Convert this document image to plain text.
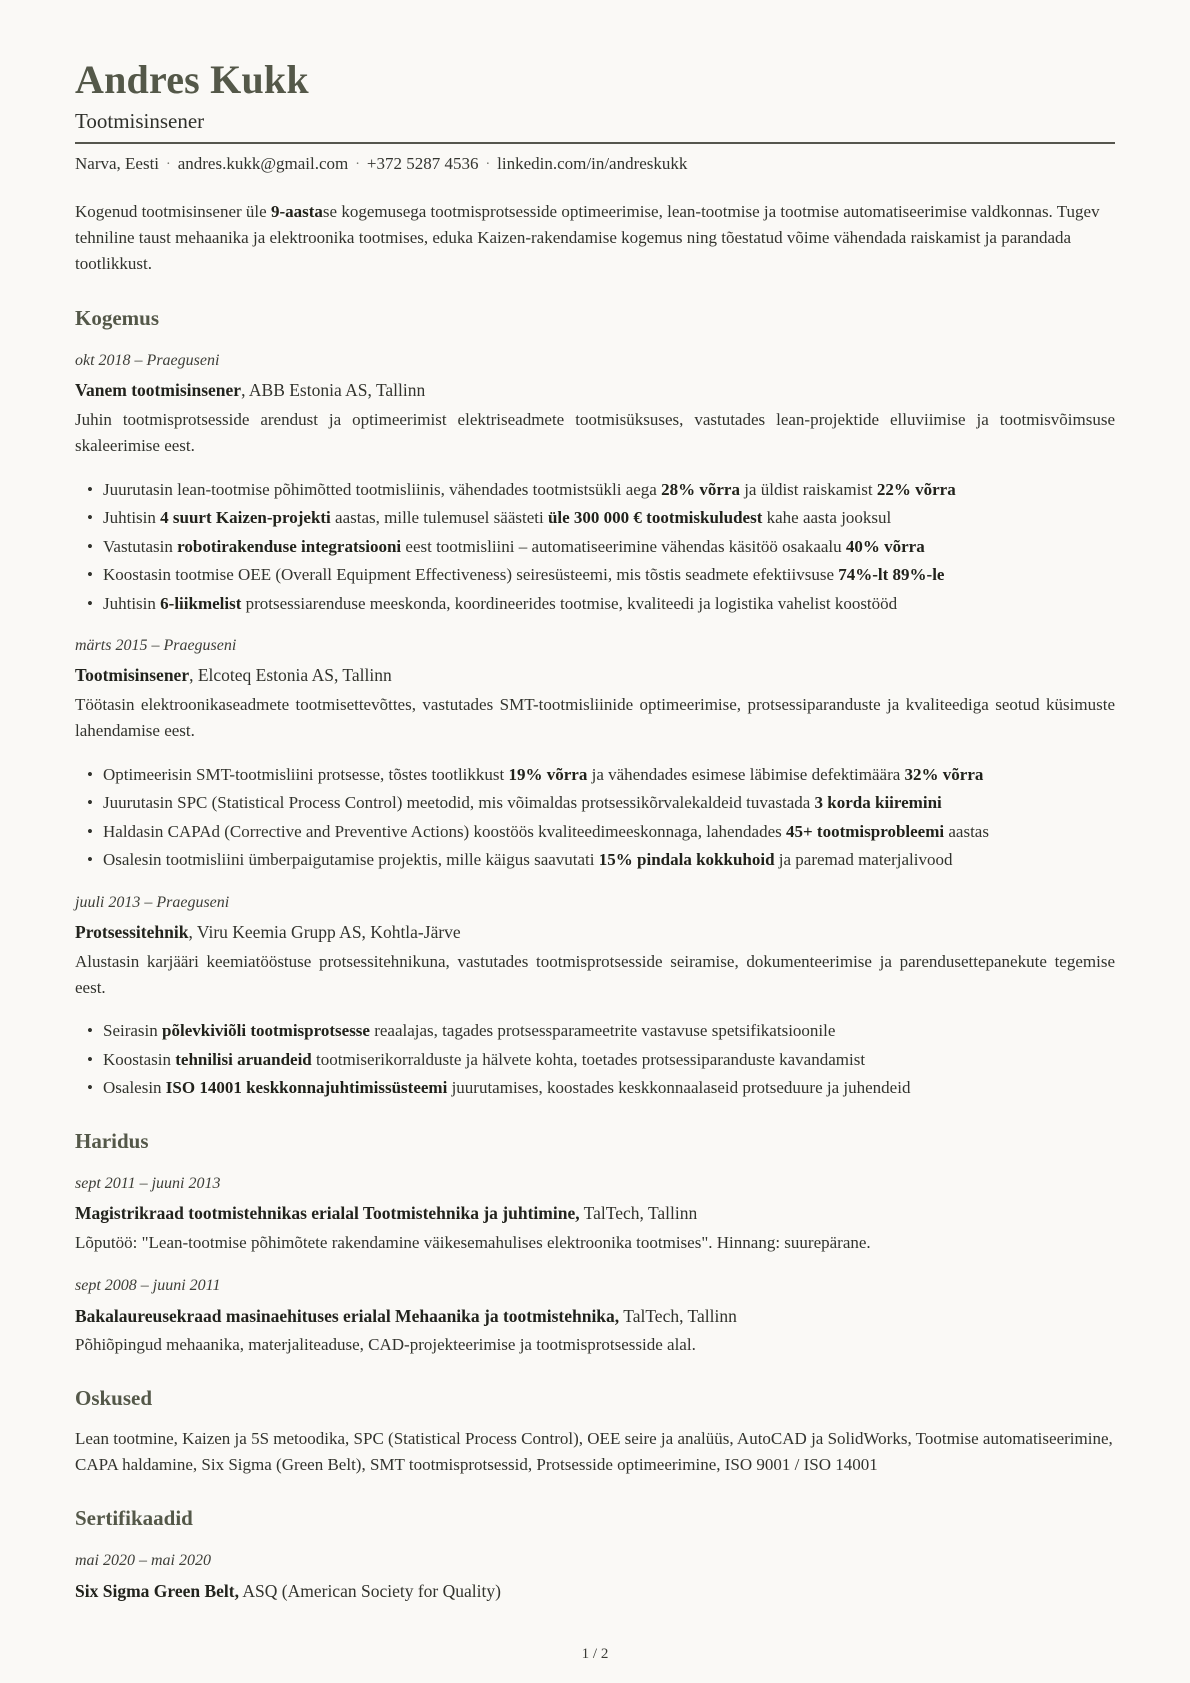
Andres Kukk
Tootmisinsener
Narva, Eesti · andres.kukk@gmail.com · +372 5287 4536 · linkedin.com/in/andreskukk

Kogenud tootmisinsener üle 9-aastase kogemusega tootmisprotsesside optimeerimise, lean-tootmise ja tootmise automatiseerimise valdkonnas. Tugev tehniline taust mehaanika ja elektroonika tootmises, eduka Kaizen-rakendamise kogemus ning tõestatud võime vähendada raiskamist ja parandada tootlikkust.

Kogemus
okt 2018 – Praeguseni
Vanem tootmisinsener, ABB Estonia AS, Tallinn

Juhin tootmisprotsesside arendust ja optimeerimist elektriseadmete tootmisüksuses, vastutades lean-projektide elluviimise ja tootmisvõimsuse skaleerimise eest.

• Juurutasin lean-tootmise põhimõtted tootmisliinis, vähendades tootmistsükli aega 28% võrra ja üldist raiskamist 22% võrra
• Juhtisin 4 suurt Kaizen-projekti aastas, mille tulemusel säästeti üle 300 000 € tootmiskuludest kahe aasta jooksul
• Vastutasin robotirakenduse integratsiooni eest tootmisliini – automatiseerimine vähendas käsitöö osakaalu 40% võrra
• Koostasin tootmise OEE (Overall Equipment Effectiveness) seiresüsteemi, mis tõstis seadmete efektiivsuse 74%-lt 89%-le
• Juhtisin 6-liikmelist protsessiarenduse meeskonda, koordineerides tootmise, kvaliteedi ja logistika vahelist koostööd
märts 2015 – Praeguseni
Tootmisinsener, Elcoteq Estonia AS, Tallinn

Töötasin elektroonikaseadmete tootmisettevõttes, vastutades SMT-tootmisliinide optimeerimise, protsessiparanduste ja kvaliteediga seotud küsimuste lahendamise eest.

• Optimeerisin SMT-tootmisliini protsesse, tõstes tootlikkust 19% võrra ja vähendades esimese läbimise defektimäära 32% võrra
• Juurutasin SPC (Statistical Process Control) meetodid, mis võimaldas protsessikõrvalekaldeid tuvastada 3 korda kiiremini
• Haldasin CAPAd (Corrective and Preventive Actions) koostöös kvaliteedimeeskonnaga, lahendades 45+ tootmisprobleemi aastas
• Osalesin tootmisliini ümberpaigutamise projektis, mille käigus saavutati 15% pindala kokkuhoid ja paremad materjalivood
juuli 2013 – Praeguseni
Protsessitehnik, Viru Keemia Grupp AS, Kohtla-Järve

Alustasin karjääri keemiatööstuse protsessitehnikuna, vastutades tootmisprotsesside seiramise, dokumenteerimise ja parendusettepanekute tegemise eest.

• Seirasin põlevkiviõli tootmisprotsesse reaalajas, tagades protsessparameetrite vastavuse spetsifikatsioonile
• Koostasin tehnilisi aruandeid tootmiserikorralduste ja hälvete kohta, toetades protsessiparanduste kavandamist
• Osalesin ISO 14001 keskkonnajuhtimissüsteemi juurutamises, koostades keskkonnaalaseid protseduure ja juhendeid
Haridus
sept 2011 – juuni 2013
Magistrikraad tootmistehnikas erialal Tootmistehnika ja juhtimine, TalTech, Tallinn

Lõputöö: "Lean-tootmise põhimõtete rakendamine väikesemahulises elektroonika tootmises". Hinnang: suurepärane.

sept 2008 – juuni 2011
Bakalaureusekraad masinaehituses erialal Mehaanika ja tootmistehnika, TalTech, Tallinn

Põhiõpingud mehaanika, materjaliteaduse, CAD-projekteerimise ja tootmisprotsesside alal.

Oskused

Lean tootmine, Kaizen ja 5S metoodika, SPC (Statistical Process Control), OEE seire ja analüüs, AutoCAD ja SolidWorks, Tootmise automatiseerimine, CAPA haldamine, Six Sigma (Green Belt), SMT tootmisprotsessid, Protsesside optimeerimine, ISO 9001 / ISO 14001

Sertifikaadid
mai 2020 – mai 2020
Six Sigma Green Belt, ASQ (American Society for Quality)
1 / 2
